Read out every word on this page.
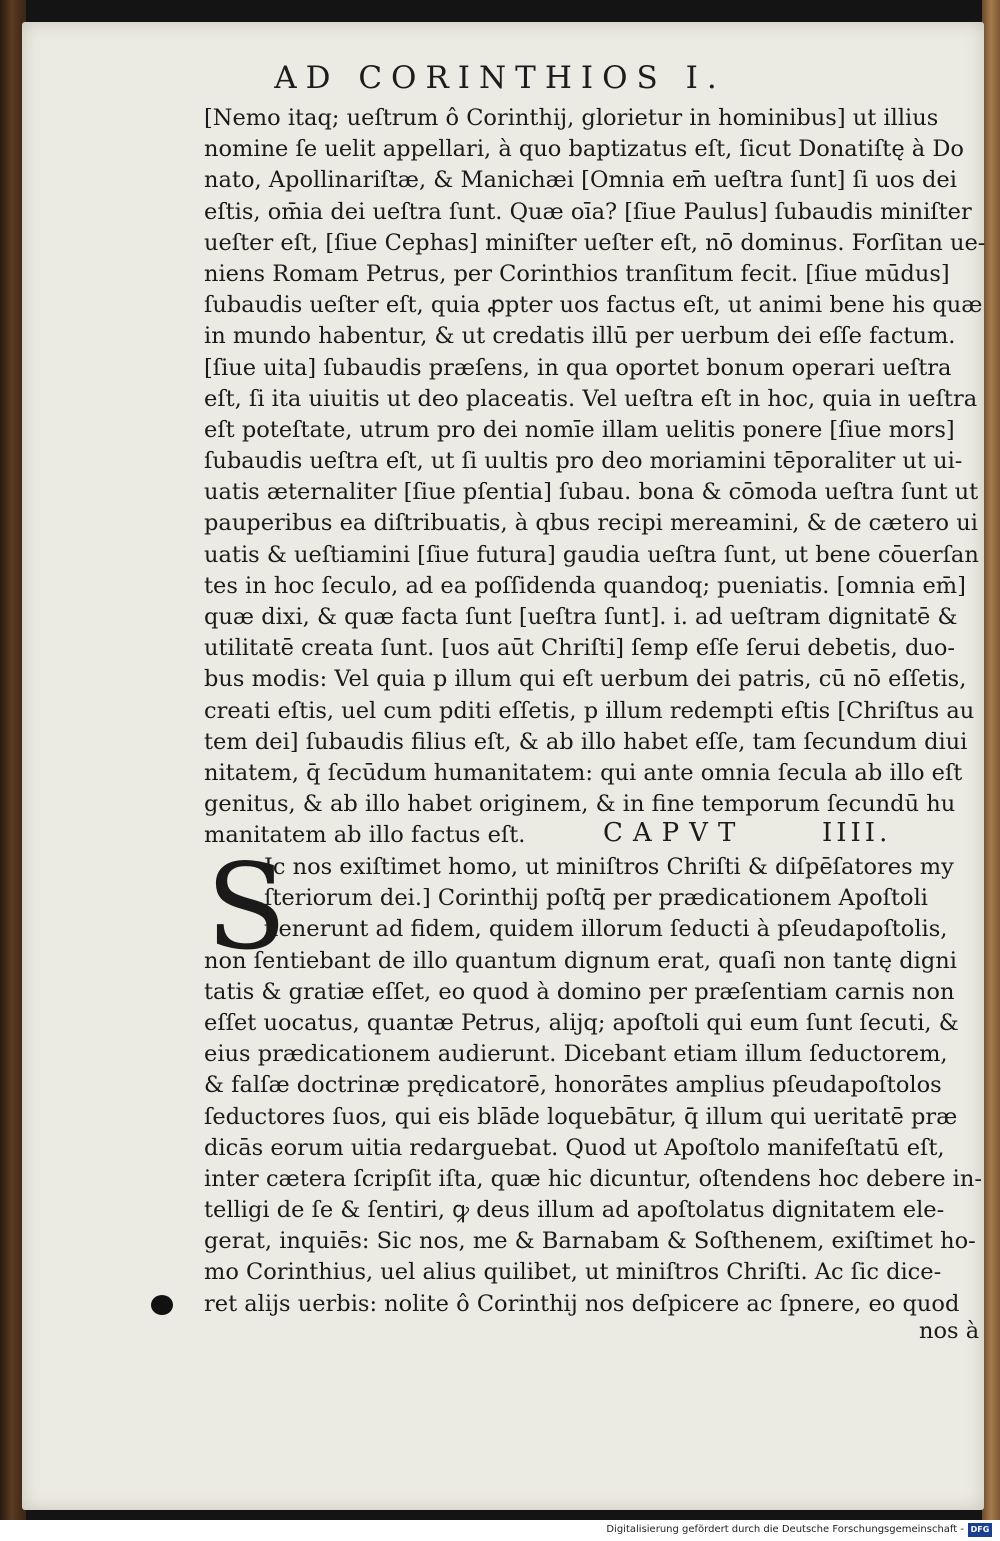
AD CORINTHIOS I.
[Nemo itaq; ueſtrum ô Corinthij, glorietur in hominibus] ut illius
nomine ſe uelit appellari, à quo baptizatus eſt, ſicut Donatiſtę à Do
nato, Apollinariſtæ, & Manichæi [Omnia em̄ ueſtra ſunt] ſi uos dei
eſtis, om̄ia dei ueſtra ſunt. Quæ oīa? [ſiue Paulus] ſubaudis miniſter
ueſter eſt, [ſiue Cephas] miniſter ueſter eſt, nō dominus. Forſitan ue-
niens Romam Petrus, per Corinthios tranſitum fecit. [ſiue mūdus]
ſubaudis ueſter eſt, quia ꝓpter uos factus eſt, ut animi bene his quæ
in mundo habentur, & ut credatis illū per uerbum dei eſſe factum.
[ſiue uita] ſubaudis præſens, in qua oportet bonum operari ueſtra
eſt, ſi ita uiuitis ut deo placeatis. Vel ueſtra eſt in hoc, quia in ueſtra
eſt poteſtate, utrum pro dei nomīe illam uelitis ponere [ſiue mors]
ſubaudis ueſtra eſt, ut ſi uultis pro deo moriamini tēporaliter ut ui-
uatis æternaliter [ſiue pſentia] ſubau. bona & cōmoda ueſtra ſunt ut
pauperibus ea diſtribuatis, à qbus recipi mereamini, & de cætero ui
uatis & ueſtiamini [ſiue futura] gaudia ueſtra ſunt, ut bene cōuerſan
tes in hoc ſeculo, ad ea poſſidenda quandoq; pueniatis. [omnia em̄]
quæ dixi, & quæ facta ſunt [ueſtra ſunt]. i. ad ueſtram dignitatē &
utilitatē creata ſunt. [uos aūt Chriſti] ſemp eſſe ſerui debetis, duo-
bus modis: Vel quia p illum qui eſt uerbum dei patris, cū nō eſſetis,
creati eſtis, uel cum pditi eſſetis, p illum redempti eſtis [Chriſtus au
tem dei] ſubaudis filius eſt, & ab illo habet eſſe, tam ſecundum diui
nitatem, q̄ ſecūdum humanitatem: qui ante omnia ſecula ab illo eſt
genitus, & ab illo habet originem, & in fine temporum ſecundū hu
manitatem ab illo factus eſt.	CAPVT	IIII.
S
Ic nos exiſtimet homo, ut miniſtros Chriſti & diſpēſatores my
ſteriorum dei.] Corinthij poſtq̄ per prædicationem Apoſtoli
uenerunt ad fidem, quidem illorum ſeducti à pſeudapoſtolis,
non ſentiebant de illo quantum dignum erat, quaſi non tantę digni
tatis & gratiæ eſſet, eo quod à domino per præſentiam carnis non
eſſet uocatus, quantæ Petrus, alijq; apoſtoli qui eum ſunt ſecuti, &
eius prædicationem audierunt. Dicebant etiam illum ſeductorem,
& falſæ doctrinæ prędicatorē, honorātes amplius pſeudapoſtolos
ſeductores ſuos, qui eis blāde loquebātur, q̄ illum qui ueritatē præ
dicās eorum uitia redarguebat. Quod ut Apoſtolo manifeſtatū eſt,
inter cætera ſcripſit iſta, quæ hic dicuntur, oſtendens hoc debere in-
telligi de ſe & ſentiri, ꝙ deus illum ad apoſtolatus dignitatem ele-
gerat, inquiēs: Sic nos, me & Barnabam & Soſthenem, exiſtimet ho-
mo Corinthius, uel alius quilibet, ut miniſtros Chriſti. Ac ſic dice-
ret alijs uerbis: nolite ô Corinthij nos deſpicere ac ſpnere, eo quod
nos à
Digitalisierung gefördert durch die Deutsche Forschungsgemeinschaft - DFG
